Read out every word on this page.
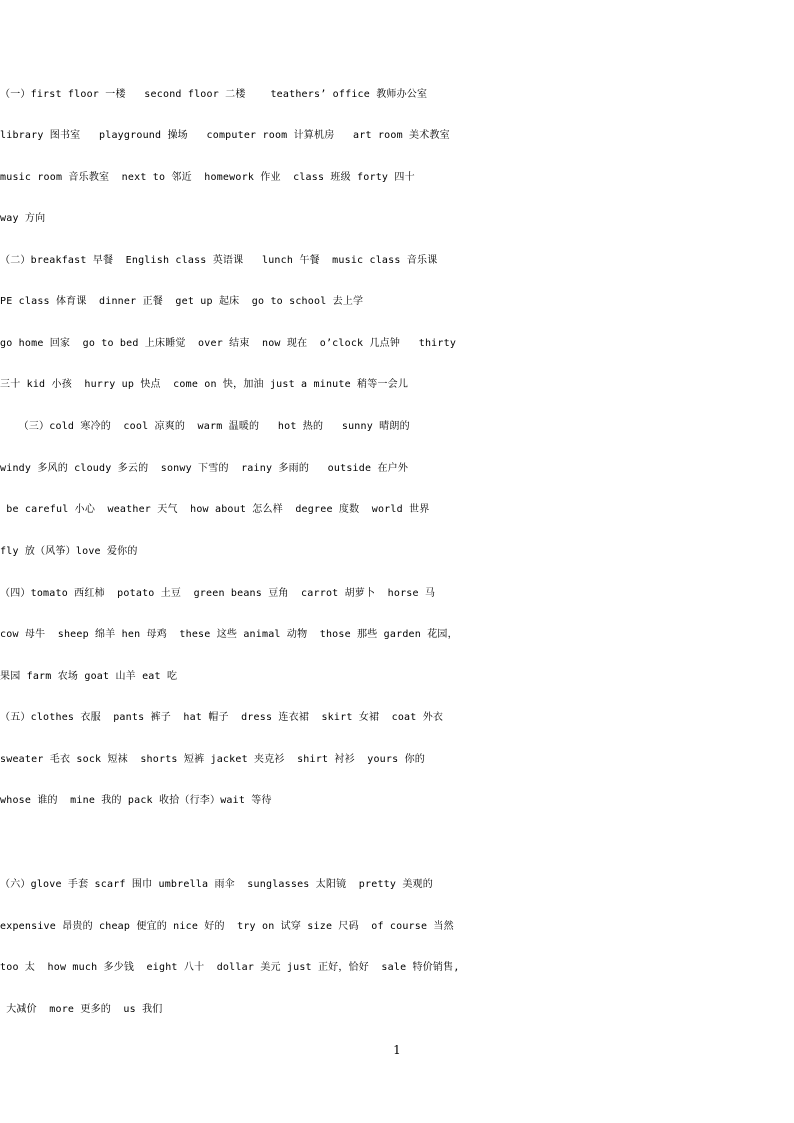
（一）first floor 一楼   second floor 二楼    teathers’ office 教师办公室
library 图书室   playground 操场   computer room 计算机房   art room 美术教室
music room 音乐教室  next to 邻近  homework 作业  class 班级 forty 四十
way 方向
（二）breakfast 早餐  English class 英语课   lunch 午餐  music class 音乐课
PE class 体育课  dinner 正餐  get up 起床  go to school 去上学
go home 回家  go to bed 上床睡觉  over 结束  now 现在  o’clock 几点钟   thirty
三十 kid 小孩  hurry up 快点  come on 快，加油 just a minute 稍等一会儿
（三）cold 寒冷的  cool 凉爽的  warm 温暖的   hot 热的   sunny 晴朗的
windy 多风的 cloudy 多云的  sonwy 下雪的  rainy 多雨的   outside 在户外
be careful 小心  weather 天气  how about 怎么样  degree 度数  world 世界
fly 放（风筝）love 爱你的
（四）tomato 西红柿  potato 土豆  green beans 豆角  carrot 胡萝卜  horse 马
cow 母牛  sheep 绵羊 hen 母鸡  these 这些 animal 动物  those 那些 garden 花园，
果园 farm 农场 goat 山羊 eat 吃
（五）clothes 衣服  pants 裤子  hat 帽子  dress 连衣裙  skirt 女裙  coat 外衣
sweater 毛衣 sock 短袜  shorts 短裤 jacket 夹克衫  shirt 衬衫  yours 你的
whose 谁的  mine 我的 pack 收拾（行李）wait 等待
（六）glove 手套 scarf 围巾 umbrella 雨伞  sunglasses 太阳镜  pretty 美观的
expensive 昂贵的 cheap 便宜的 nice 好的  try on 试穿 size 尺码  of course 当然
too 太  how much 多少钱  eight 八十  dollar 美元 just 正好，恰好  sale 特价销售,
大减价  more 更多的  us 我们
1
